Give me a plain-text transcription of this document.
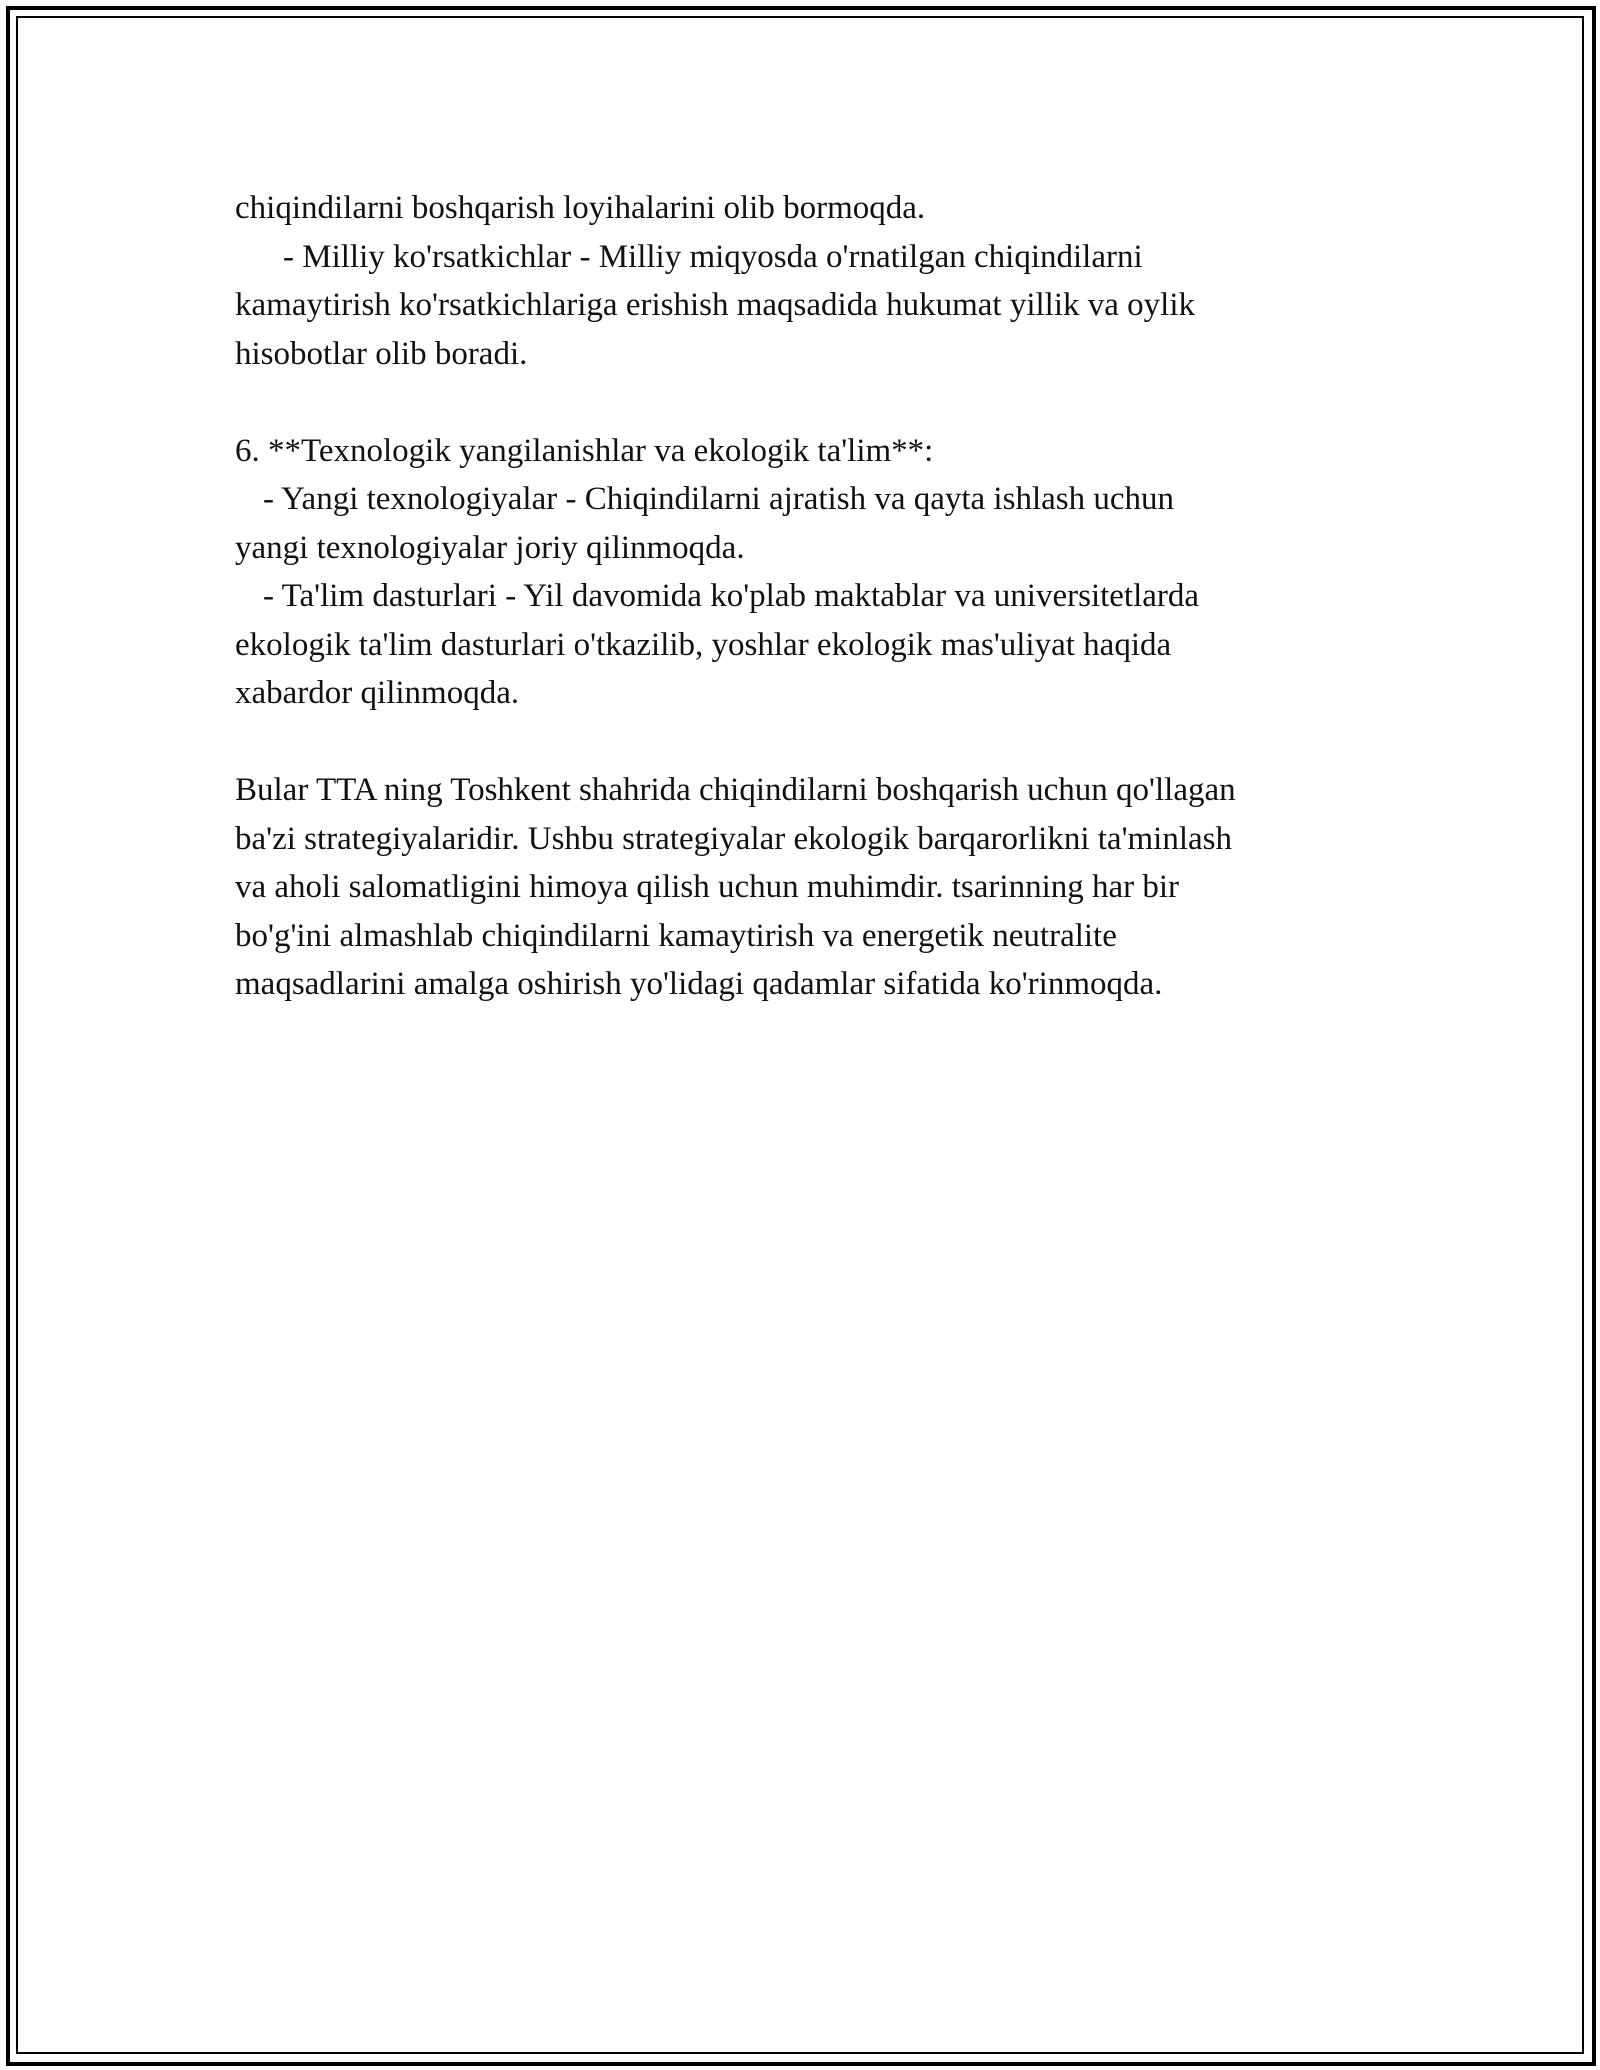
chiqindilarni boshqarish loyihalarini olib bormoqda.

- Milliy ko'rsatkichlar - Milliy miqyosda o'rnatilgan chiqindilarni

kamaytirish ko'rsatkichlariga erishish maqsadida hukumat yillik va oylik

hisobotlar olib boradi.

6. **Texnologik yangilanishlar va ekologik ta'lim**:

- Yangi texnologiyalar - Chiqindilarni ajratish va qayta ishlash uchun

yangi texnologiyalar joriy qilinmoqda.

- Ta'lim dasturlari - Yil davomida ko'plab maktablar va universitetlarda

ekologik ta'lim dasturlari o'tkazilib, yoshlar ekologik mas'uliyat haqida

xabardor qilinmoqda.

Bular TTA ning Toshkent shahrida chiqindilarni boshqarish uchun qo'llagan

ba'zi strategiyalaridir. Ushbu strategiyalar ekologik barqarorlikni ta'minlash

va aholi salomatligini himoya qilish uchun muhimdir. tsarinning har bir

bo'g'ini almashlab chiqindilarni kamaytirish va energetik neutralite

maqsadlarini amalga oshirish yo'lidagi qadamlar sifatida ko'rinmoqda.
